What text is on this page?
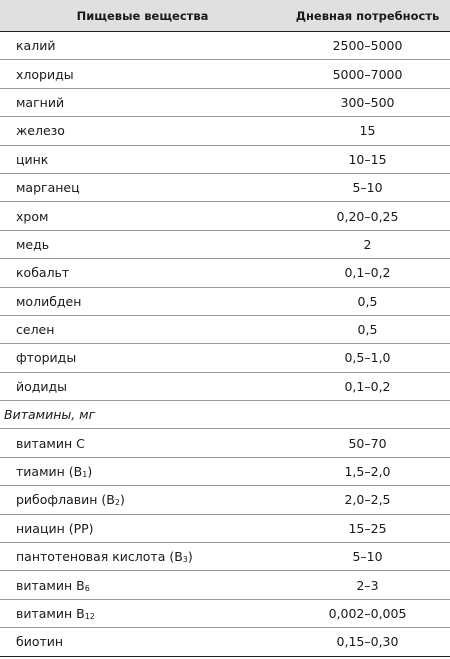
Пищевые вещества	Дневная потребность
калий	2500–5000
хлориды	5000–7000
магний	300–500
железо	15
цинк	10–15
марганец	5–10
хром	0,20–0,25
медь	2
кобальт	0,1–0,2
молибден	0,5
селен	0,5
фториды	0,5–1,0
йодиды	0,1–0,2
Витамины, мг	
витамин С	50–70
тиамин $(В_1)$	1,5–2,0
рибофлавин $(В_2)$	2,0–2,5
ниацин (РР)	15–25
пантотеновая кислота $(В_3)$	5–10
витамин $В_6$	2–3
витамин $В_{12}$	0,002–0,005
биотин	0,15–0,30
